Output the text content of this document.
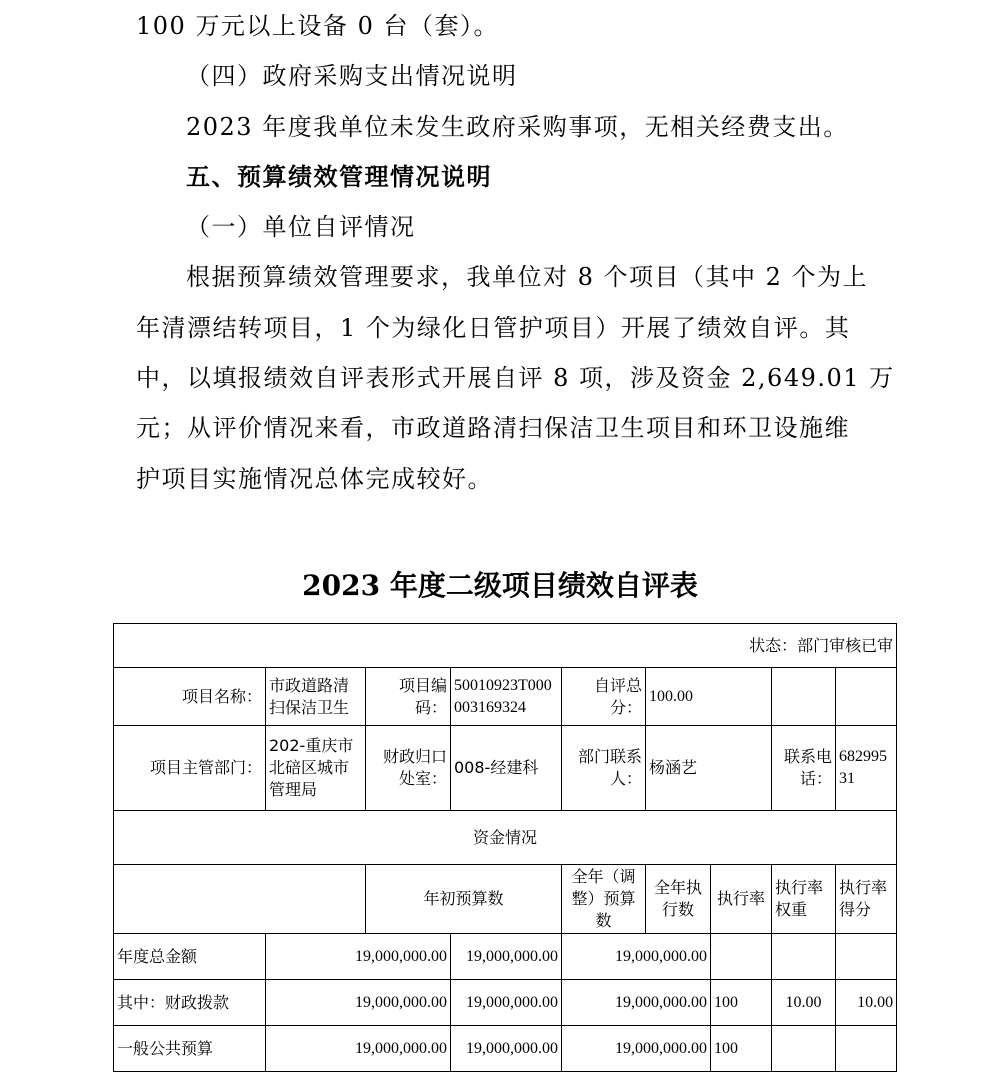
100 万元以上设备 0 台（套）。
（四）政府采购支出情况说明
2023 年度我单位未发生政府采购事项，无相关经费支出。
五、预算绩效管理情况说明
（一）单位自评情况
根据预算绩效管理要求，我单位对 8 个项目（其中 2 个为上
年清漂结转项目，1 个为绿化日管护项目）开展了绩效自评。其
中，以填报绩效自评表形式开展自评 8 项，涉及资金 2,649.01 万
元；从评价情况来看，市政道路清扫保洁卫生项目和环卫设施维
护项目实施情况总体完成较好。
2023 年度二级项目绩效自评表
状态：部门审核已审								
项目名称：	市政道路清扫保洁卫生	项目编码：	50010923T000003169324	自评总分：	100.00			
项目主管部门：	202-重庆市北碚区城市管理局	财政归口处室：	008-经建科	部门联系人：	杨涵艺		联系电话：	68299531
资金情况								
		年初预算数		全年（调整）预算数	全年执行数	执行率	执行率权重	执行率得分
年度总金额	19,000,000.00		19,000,000.00	19,000,000.00				
其中：财政拨款	19,000,000.00		19,000,000.00	19,000,000.00		100	10.00	10.00
一般公共预算	19,000,000.00		19,000,000.00	19,000,000.00		100		
